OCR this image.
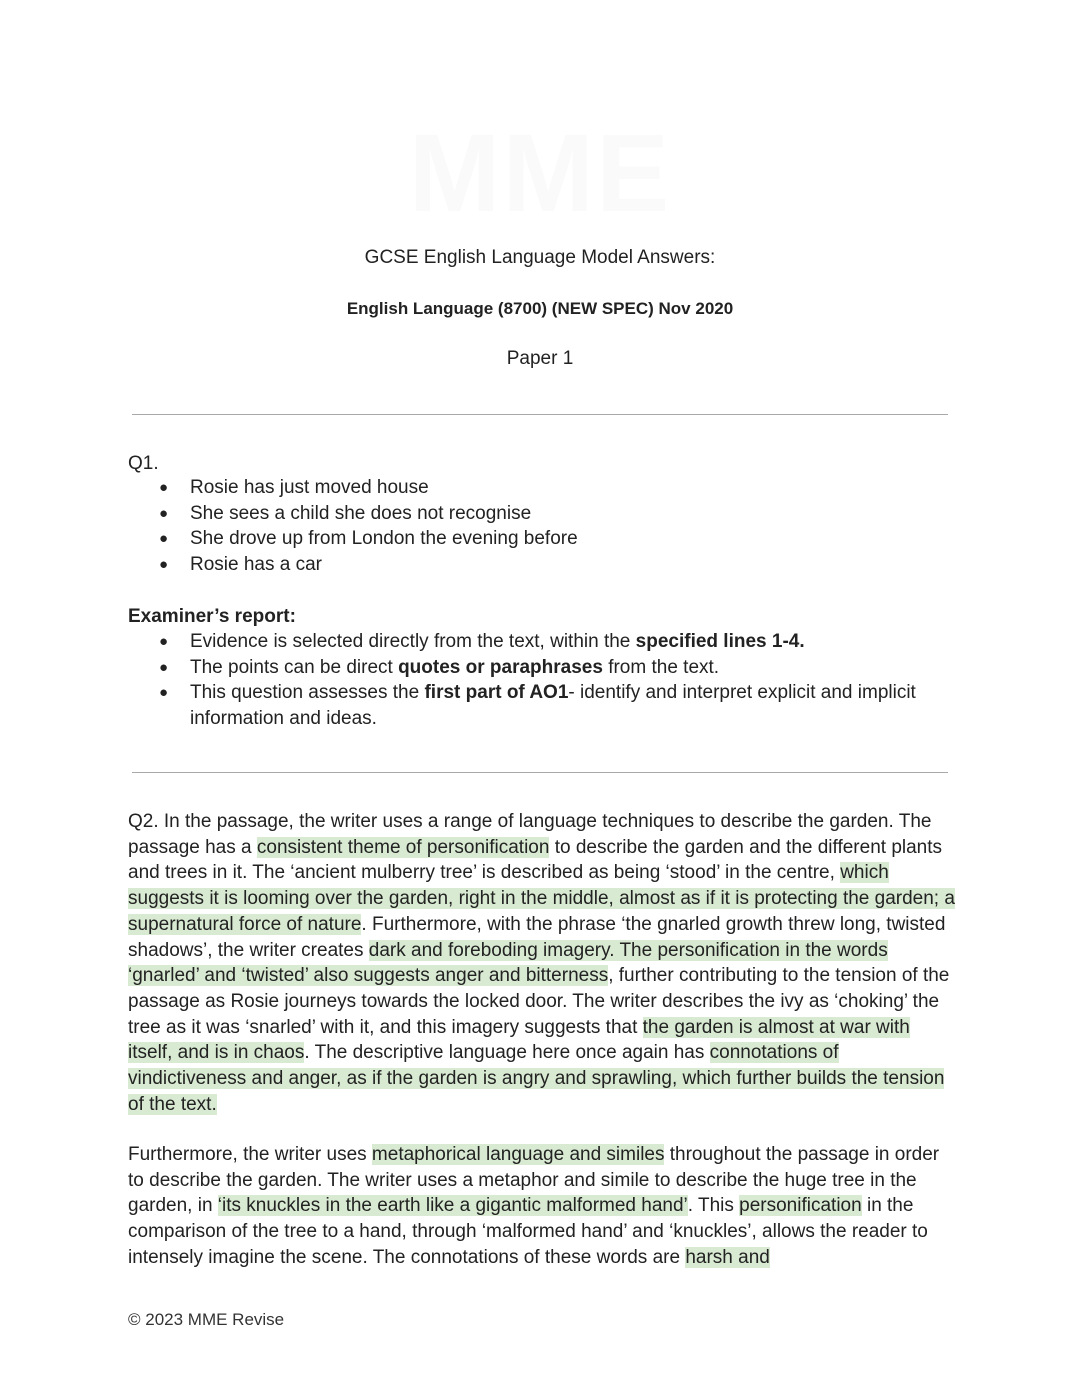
MME
GCSE English Language Model Answers:
English Language (8700) (NEW SPEC) Nov 2020
Paper 1
Q1.
● Rosie has just moved house
● She sees a child she does not recognise
● She drove up from London the evening before
● Rosie has a car
Examiner’s report:
● Evidence is selected directly from the text, within the specified lines 1-4.
● The points can be direct quotes or paraphrases from the text.
● This question assesses the first part of AO1- identify and interpret explicit and implicit information and ideas.

Q2. In the passage, the writer uses a range of language techniques to describe the garden. The passage has a consistent theme of personification to describe the garden and the different plants and trees in it. The ‘ancient mulberry tree’ is described as being ‘stood’ in the centre, which suggests it is looming over the garden, right in the middle, almost as if it is protecting the garden; a supernatural force of nature. Furthermore, with the phrase ‘the gnarled growth threw long, twisted shadows’, the writer creates dark and foreboding imagery. The personification in the words ‘gnarled’ and ‘twisted’ also suggests anger and bitterness, further contributing to the tension of the passage as Rosie journeys towards the locked door. The writer describes the ivy as ‘choking’ the tree as it was ‘snarled’ with it, and this imagery suggests that the garden is almost at war with itself, and is in chaos. The descriptive language here once again has connotations of vindictiveness and anger, as if the garden is angry and sprawling, which further builds the tension of the text.

Furthermore, the writer uses metaphorical language and similes throughout the passage in order to describe the garden. The writer uses a metaphor and simile to describe the huge tree in the garden, in ‘its knuckles in the earth like a gigantic malformed hand’. This personification in the comparison of the tree to a hand, through ‘malformed hand’ and ‘knuckles’, allows the reader to intensely imagine the scene. The connotations of these words are harsh and

© 2023 MME Revise
